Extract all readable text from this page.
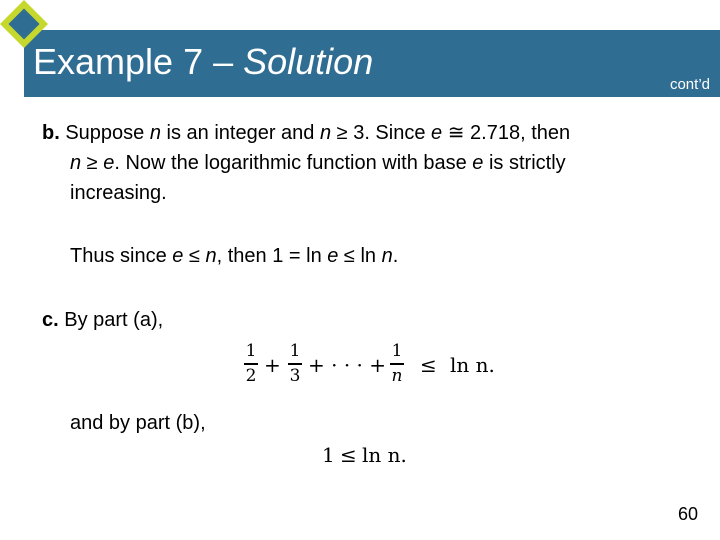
Example 7 – Solution
cont’d
b. Suppose n is an integer and n ≥ 3. Since e ≅ 2.718, then
n ≥ e. Now the logarithmic function with base e is strictly
increasing.
Thus since e ≤ n, then 1 = ln e ≤ ln n.
c. By part (a),
1
2 +
1
3 + · · · +
1
n ≤ ln n.
and by part (b),
1 ≤ ln n.
60
